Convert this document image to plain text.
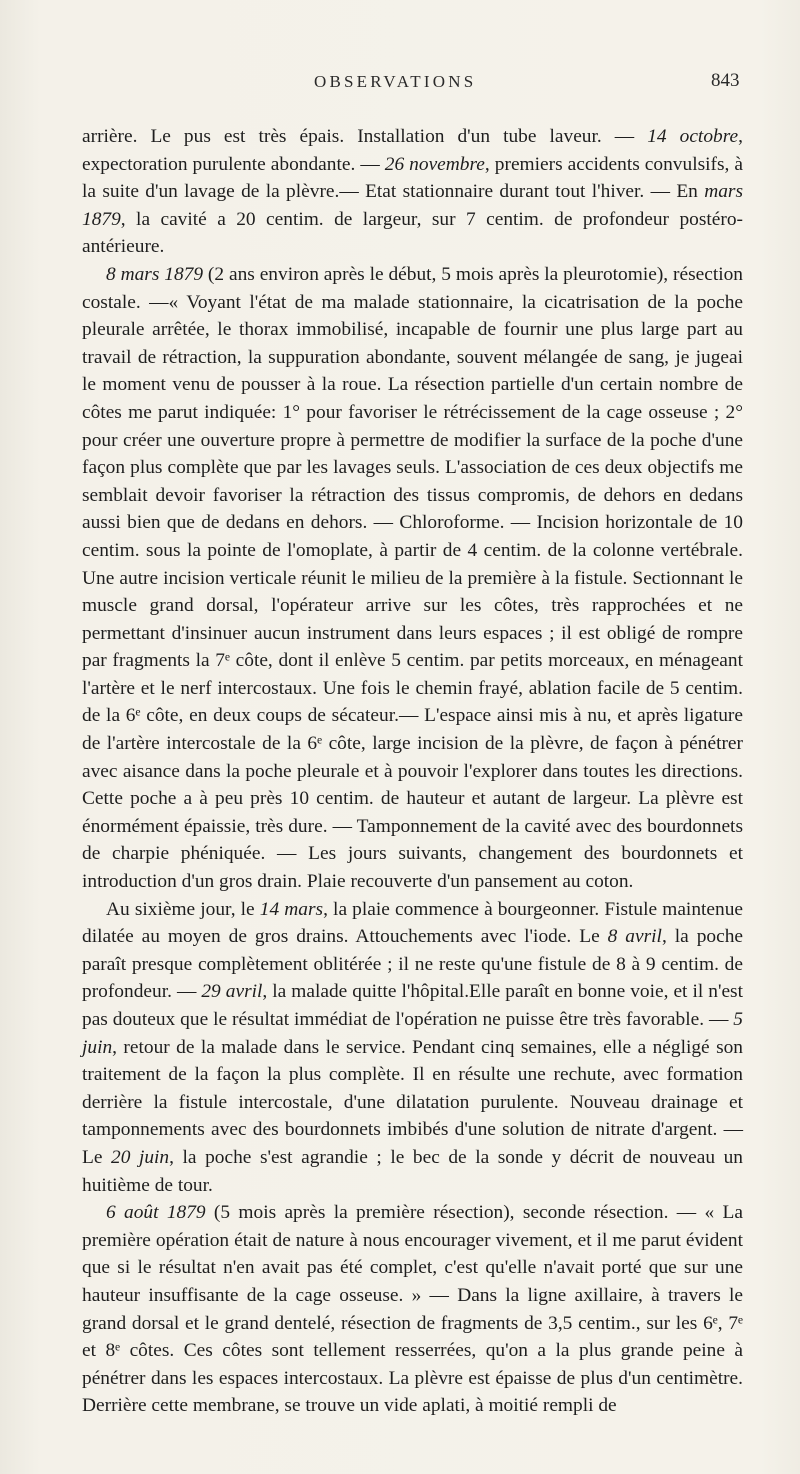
OBSERVATIONS	843

arrière. Le pus est très épais. Installation d'un tube laveur. — 14 octobre, expectoration purulente abondante. — 26 novembre, premiers accidents convulsifs, à la suite d'un lavage de la plèvre.— Etat stationnaire durant tout l'hiver. — En mars 1879, la cavité a 20 centim. de largeur, sur 7 centim. de profondeur postéro-antérieure.

8 mars 1879 (2 ans environ après le début, 5 mois après la pleurotomie), résection costale. —« Voyant l'état de ma malade stationnaire, la cicatrisation de la poche pleurale arrêtée, le thorax immobilisé, incapable de fournir une plus large part au travail de rétraction, la suppuration abondante, souvent mélangée de sang, je jugeai le moment venu de pousser à la roue. La résection partielle d'un certain nombre de côtes me parut indiquée: 1° pour favoriser le rétrécissement de la cage osseuse ; 2° pour créer une ouverture propre à permettre de modifier la surface de la poche d'une façon plus complète que par les lavages seuls. L'association de ces deux objectifs me semblait devoir favoriser la rétraction des tissus compromis, de dehors en dedans aussi bien que de dedans en dehors. — Chloroforme. — Incision horizontale de 10 centim. sous la pointe de l'omoplate, à partir de 4 centim. de la colonne vertébrale. Une autre incision verticale réunit le milieu de la première à la fistule. Sectionnant le muscle grand dorsal, l'opérateur arrive sur les côtes, très rapprochées et ne permettant d'insinuer aucun instrument dans leurs espaces ; il est obligé de rompre par fragments la 7ᵉ côte, dont il enlève 5 centim. par petits morceaux, en ménageant l'artère et le nerf intercostaux. Une fois le chemin frayé, ablation facile de 5 centim. de la 6ᵉ côte, en deux coups de sécateur.— L'espace ainsi mis à nu, et après ligature de l'artère intercostale de la 6ᵉ côte, large incision de la plèvre, de façon à pénétrer avec aisance dans la poche pleurale et à pouvoir l'explorer dans toutes les directions. Cette poche a à peu près 10 centim. de hauteur et autant de largeur. La plèvre est énormément épaissie, très dure. — Tamponnement de la cavité avec des bourdonnets de charpie phéniquée. — Les jours suivants, changement des bourdonnets et introduction d'un gros drain. Plaie recouverte d'un pansement au coton.

Au sixième jour, le 14 mars, la plaie commence à bourgeonner. Fistule maintenue dilatée au moyen de gros drains. Attouchements avec l'iode. Le 8 avril, la poche paraît presque complètement oblitérée ; il ne reste qu'une fistule de 8 à 9 centim. de profondeur. — 29 avril, la malade quitte l'hôpital.Elle paraît en bonne voie, et il n'est pas douteux que le résultat immédiat de l'opération ne puisse être très favorable. — 5 juin, retour de la malade dans le service. Pendant cinq semaines, elle a négligé son traitement de la façon la plus complète. Il en résulte une rechute, avec formation derrière la fistule intercostale, d'une dilatation purulente. Nouveau drainage et tamponnements avec des bourdonnets imbibés d'une solution de nitrate d'argent. — Le 20 juin, la poche s'est agrandie ; le bec de la sonde y décrit de nouveau un huitième de tour.

6 août 1879 (5 mois après la première résection), seconde résection. — « La première opération était de nature à nous encourager vivement, et il me parut évident que si le résultat n'en avait pas été complet, c'est qu'elle n'avait porté que sur une hauteur insuffisante de la cage osseuse. » — Dans la ligne axillaire, à travers le grand dorsal et le grand dentelé, résection de fragments de 3,5 centim., sur les 6ᵉ, 7ᵉ et 8ᵉ côtes. Ces côtes sont tellement resserrées, qu'on a la plus grande peine à pénétrer dans les espaces intercostaux. La plèvre est épaisse de plus d'un centimètre. Derrière cette membrane, se trouve un vide aplati, à moitié rempli de
